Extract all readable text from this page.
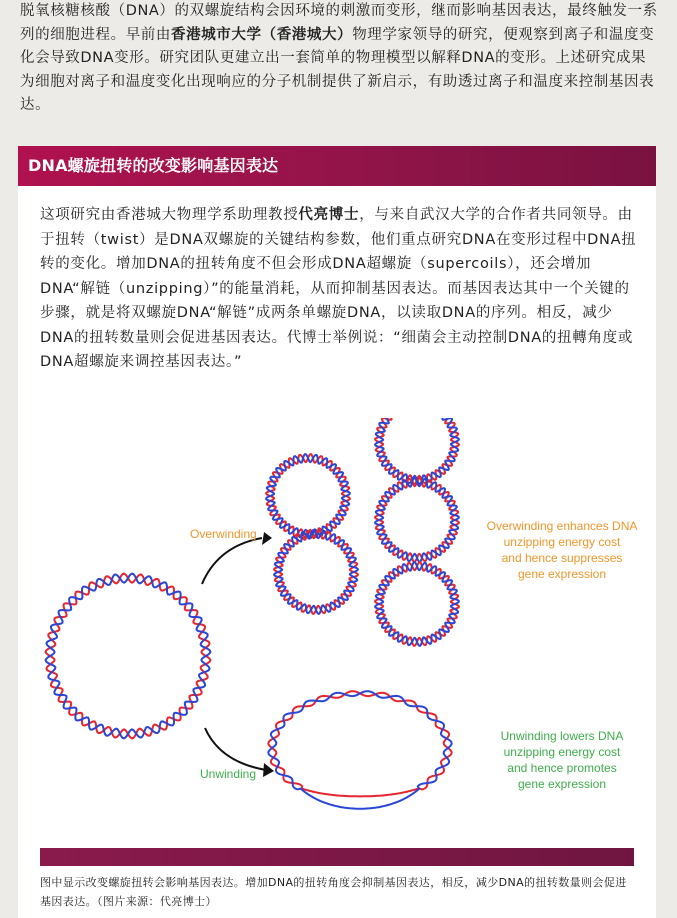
脱氧核糖核酸（DNA）的双螺旋结构会因环境的刺激而变形，继而影响基因表达，最终触发一系列的细胞进程。早前由香港城市大学（香港城大）物理学家领导的研究，便观察到离子和温度变化会导致DNA变形。研究团队更建立出一套简单的物理模型以解释DNA的变形。上述研究成果为细胞对离子和温度变化出现响应的分子机制提供了新启示，有助透过离子和温度来控制基因表达。
DNA螺旋扭转的改变影响基因表达
这项研究由香港城大物理学系助理教授代亮博士，与来自武汉大学的合作者共同领导。由于扭转（twist）是DNA双螺旋的关键结构参数，他们重点研究DNA在变形过程中DNA扭转的变化。增加DNA的扭转角度不但会形成DNA超螺旋（supercoils），还会增加DNA“解链（unzipping）”的能量消耗，从而抑制基因表达。而基因表达其中一个关键的步骤，就是将双螺旋DNA“解链”成两条单螺旋DNA，以读取DNA的序列。相反，减少DNA的扭转数量则会促进基因表达。代博士举例说：“细菌会主动控制DNA的扭轉角度或DNA超螺旋来调控基因表达。”
Overwinding
Unwinding
Overwinding enhances DNA
unzipping energy cost
and hence suppresses
gene expression
Unwinding lowers DNA
unzipping energy cost
and hence promotes
gene expression
图中显示改变螺旋扭转会影响基因表达。增加DNA的扭转角度会抑制基因表达，相反，减少DNA的扭转数量则会促进基因表达。（图片来源：代亮博士）
